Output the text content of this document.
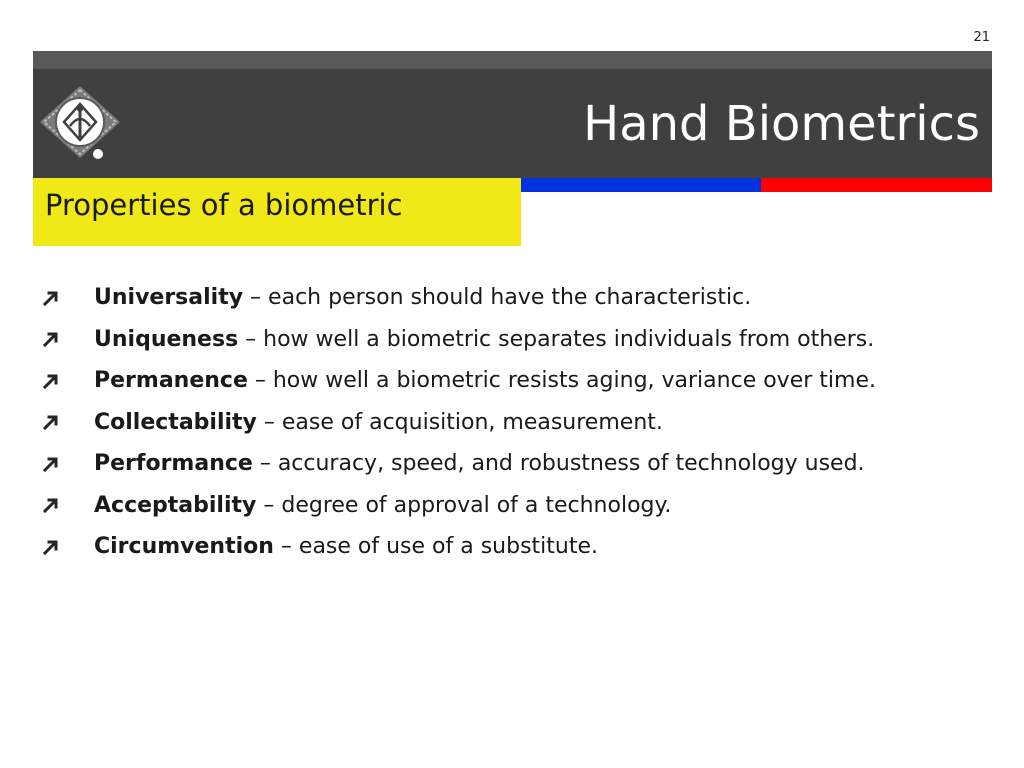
21
Hand Biometrics
Properties of a biometric
Universality – each person should have the characteristic.
Uniqueness – how well a biometric separates individuals from others.
Permanence – how well a biometric resists aging, variance over time.
Collectability – ease of acquisition, measurement.
Performance – accuracy, speed, and robustness of technology used.
Acceptability – degree of approval of a technology.
Circumvention – ease of use of a substitute.
